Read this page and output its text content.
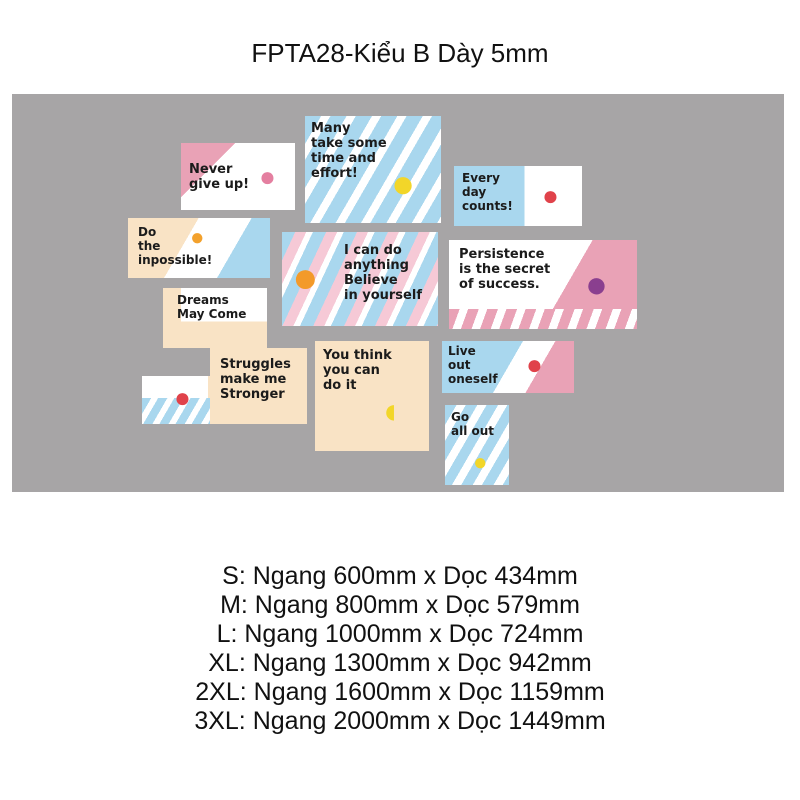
FPTA28-Kiểu B Dày 5mm
Never
give up! ●
Many
take some
time and
effort! ●	Every
day
counts! ●
Do
the
inpossible!
●	I can do
anything
Believe
in yourself
●	Persistence
is the secret
of success. ●
Dreams
May Come
Struggles
make me
Stronger
●
You think
you can
do it
◖
Live
out
oneself ●
Go
all out
●
S: Ngang 600mm x Dọc 434mm
M: Ngang 800mm x Dọc 579mm
L: Ngang 1000mm x Dọc 724mm
XL: Ngang 1300mm x Dọc 942mm
2XL: Ngang 1600mm x Dọc 1159mm
3XL: Ngang 2000mm x Dọc 1449mm
